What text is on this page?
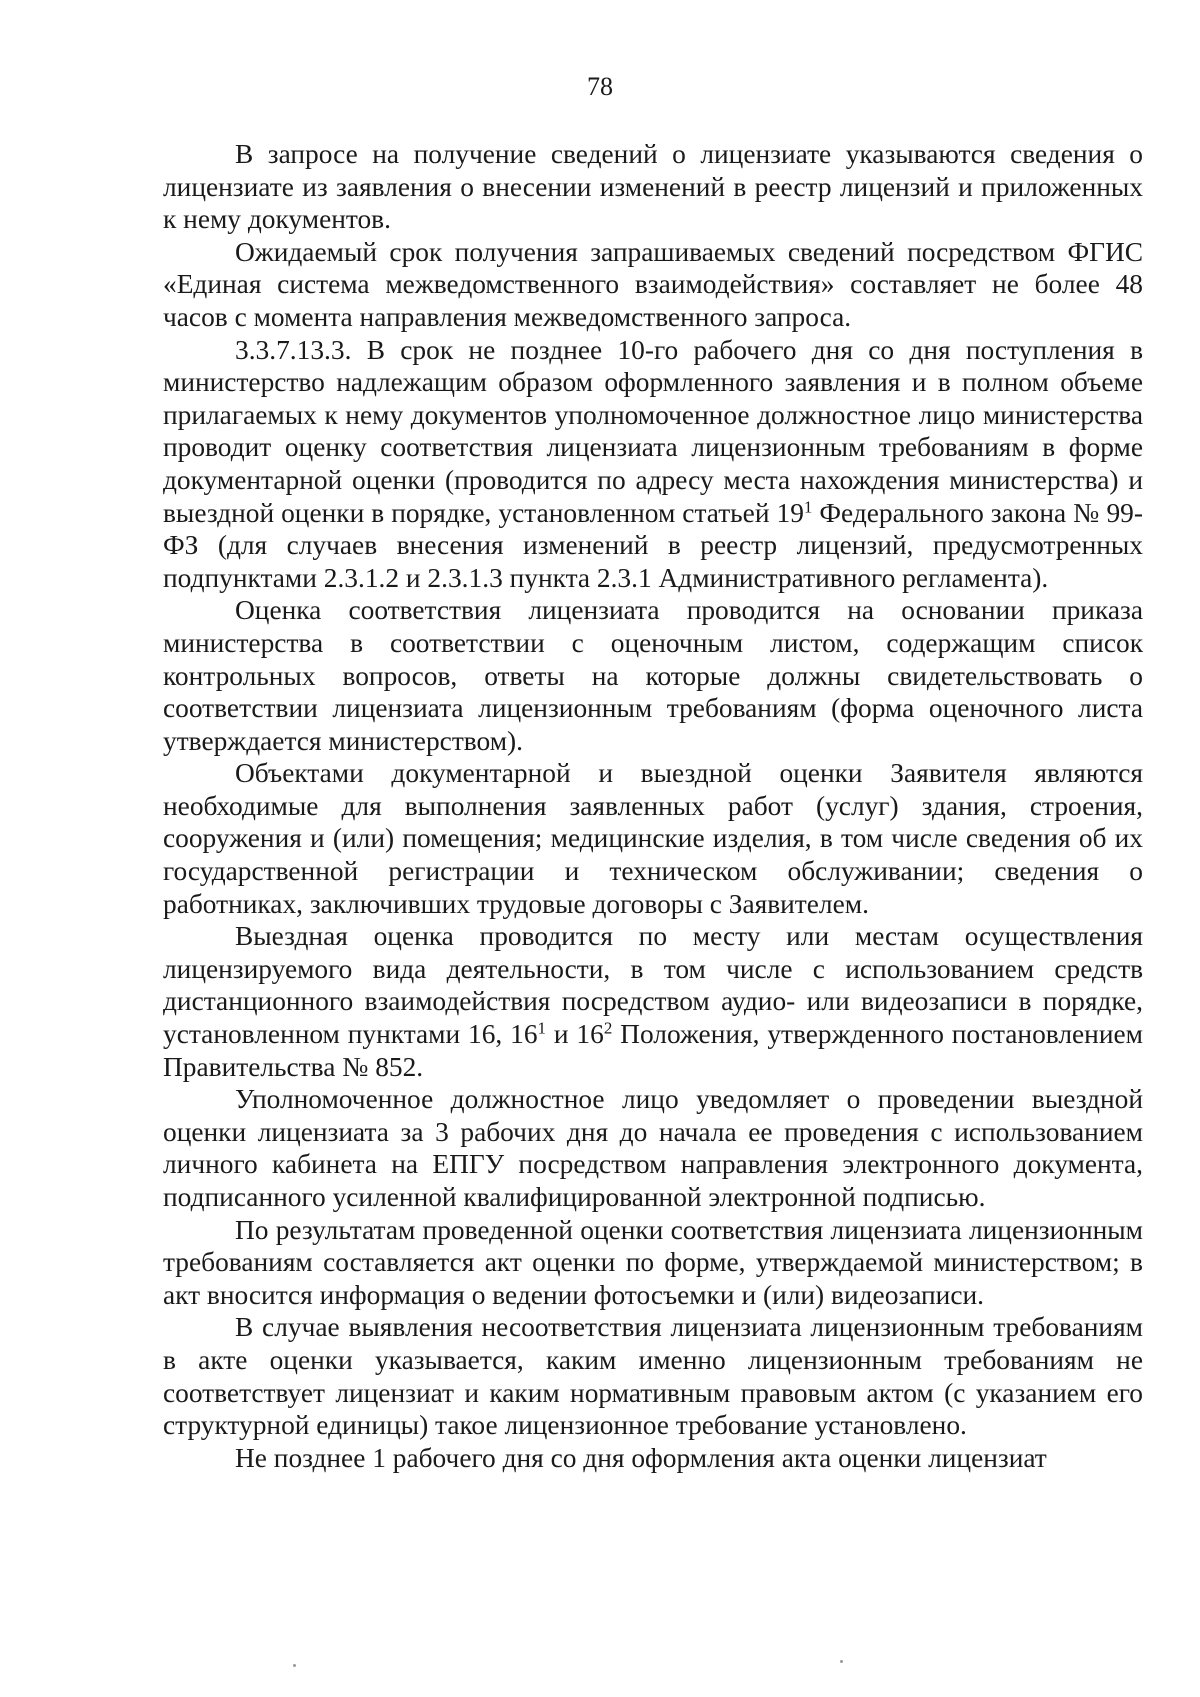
78

В запросе на получение сведений о лицензиате указываются сведения о лицензиате из заявления о внесении изменений в реестр лицензий и приложенных к нему документов.

Ожидаемый срок получения запрашиваемых сведений посредством ФГИС «Единая система межведомственного взаимодействия» составляет не более 48 часов с момента направления межведомственного запроса.

3.3.7.13.3. В срок не позднее 10-го рабочего дня со дня поступления в министерство надлежащим образом оформленного заявления и в полном объеме прилагаемых к нему документов уполномоченное должностное лицо министерства проводит оценку соответствия лицензиата лицензионным требованиям в форме документарной оценки (проводится по адресу места нахождения министерства) и выездной оценки в порядке, установленном статьей $19^1$ Федерального закона № 99-ФЗ (для случаев внесения изменений в реестр лицензий, предусмотренных подпунктами 2.3.1.2 и 2.3.1.3 пункта 2.3.1 Административного регламента).

Оценка соответствия лицензиата проводится на основании приказа министерства в соответствии с оценочным листом, содержащим список контрольных вопросов, ответы на которые должны свидетельствовать о соответствии лицензиата лицензионным требованиям (форма оценочного листа утверждается министерством).

Объектами документарной и выездной оценки Заявителя являются необходимые для выполнения заявленных работ (услуг) здания, строения, сооружения и (или) помещения; медицинские изделия, в том числе сведения об их государственной регистрации и техническом обслуживании; сведения о работниках, заключивших трудовые договоры с Заявителем.

Выездная оценка проводится по месту или местам осуществления лицензируемого вида деятельности, в том числе с использованием средств дистанционного взаимодействия посредством аудио- или видеозаписи в порядке, установленном пунктами 16, $16^1$ и $16^2$ Положения, утвержденного постановлением Правительства № 852.

Уполномоченное должностное лицо уведомляет о проведении выездной оценки лицензиата за 3 рабочих дня до начала ее проведения с использованием личного кабинета на ЕПГУ посредством направления электронного документа, подписанного усиленной квалифицированной электронной подписью.

По результатам проведенной оценки соответствия лицензиата лицензионным требованиям составляется акт оценки по форме, утверждаемой министерством; в акт вносится информация о ведении фотосъемки и (или) видеозаписи.

В случае выявления несоответствия лицензиата лицензионным требованиям в акте оценки указывается, каким именно лицензионным требованиям не соответствует лицензиат и каким нормативным правовым актом (с указанием его структурной единицы) такое лицензионное требование установлено.

Не позднее 1 рабочего дня со дня оформления акта оценки лицензиат
